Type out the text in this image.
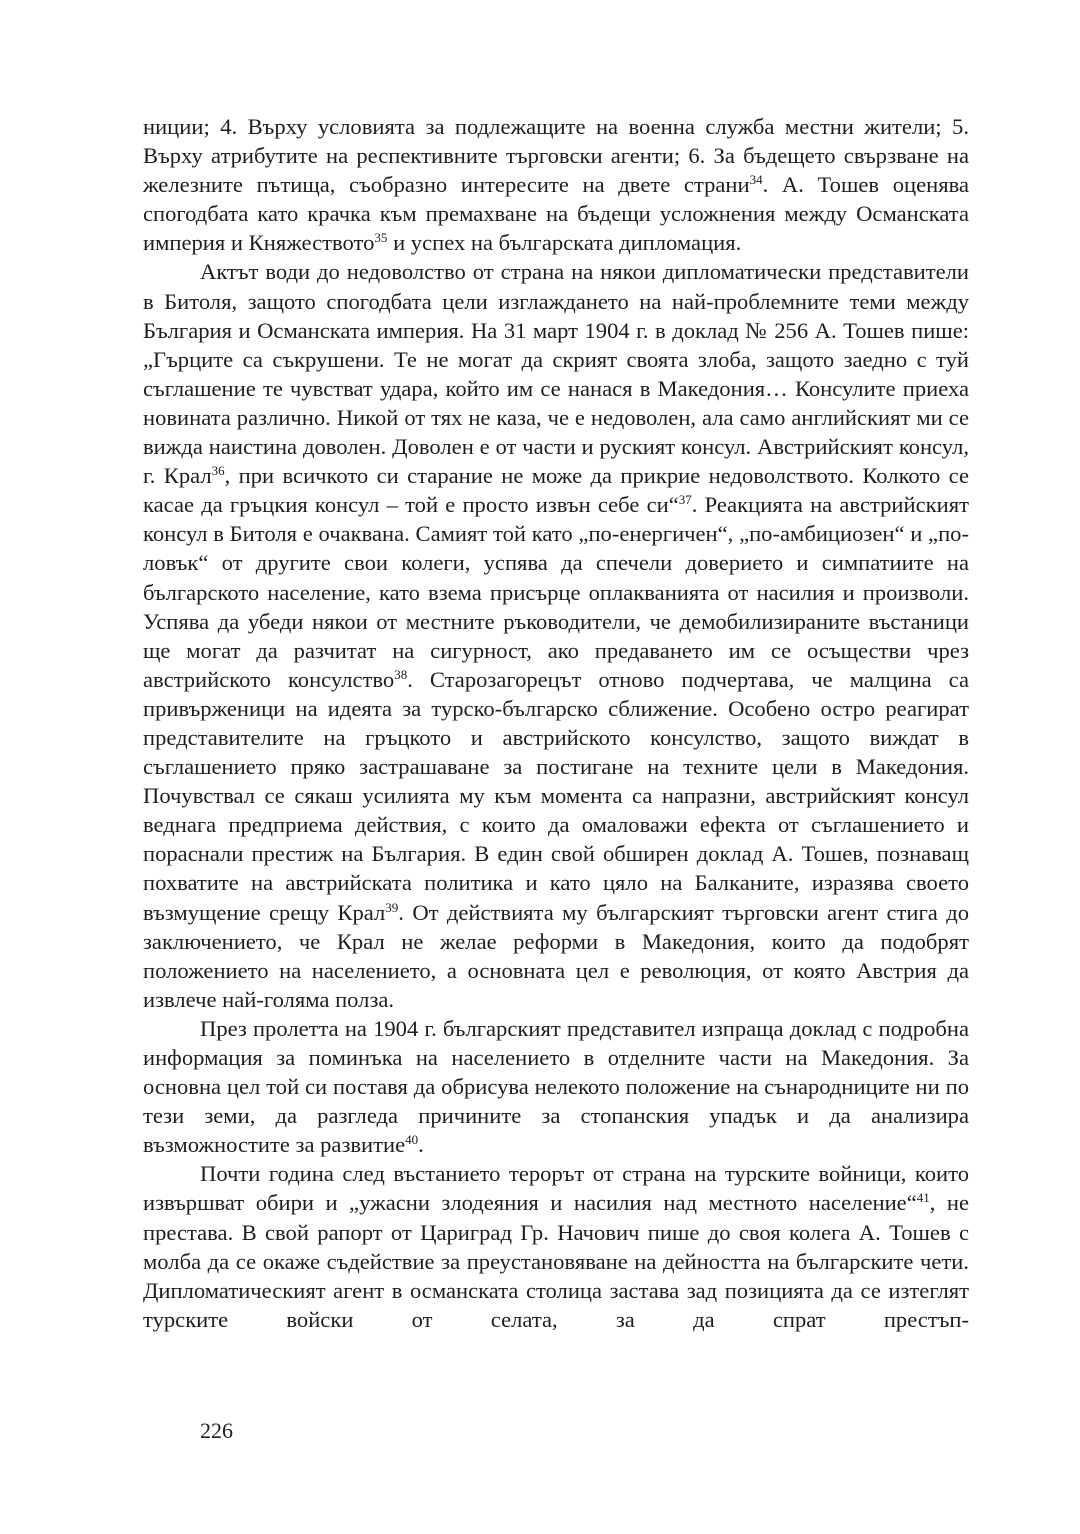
ниции; 4. Върху условията за подлежащите на военна служба местни жители; 5. Върху атрибутите на респективните търговски агенти; 6. За бъдещето свързване на железните пътища, съобразно интересите на двете страни$^{34}$. А. Тошев оценява спогодбата като крачка към премахване на бъдещи усложнения между Османската империя и Княжеството$^{35}$ и успех на българската дипломация.

Актът води до недоволство от страна на някои дипломатически представители в Битоля, защото спогодбата цели изглаждането на най-проблемните теми между България и Османската империя. На 31 март 1904 г. в доклад № 256 А. Тошев пише: „Гърците са съкрушени. Те не могат да скрият своята злоба, защото заедно с туй съглашение те чувстват удара, който им се нанася в Македония… Консулите приеха новината различно. Никой от тях не каза, че е недоволен, ала само английският ми се вижда наистина доволен. Доволен е от части и руският консул. Австрийският консул, г. Крал$^{36}$, при всичкото си старание не може да прикрие недоволството. Колкото се касае да гръцкия консул – той е просто извън себе си“$^{37}$. Реакцията на австрийският консул в Битоля е очаквана. Самият той като „по-енергичен“, „по-амбициозен“ и „по-ловък“ от другите свои колеги, успява да спечели доверието и симпатиите на българското население, като взема присърце оплакванията от насилия и произволи. Успява да убеди някои от местните ръководители, че демобилизираните въстаници ще могат да разчитат на сигурност, ако предаването им се осъществи чрез австрийското консулство$^{38}$. Старозагорецът отново подчертава, че малцина са привърженици на идеята за турско-българско сближение. Особено остро реагират представителите на гръцкото и австрийското консулство, защото виждат в съглашението пряко застрашаване за постигане на техните цели в Македония. Почувствал се сякаш усилията му към момента са напразни, австрийският консул веднага предприема действия, с които да омаловажи ефекта от съглашението и пораснали престиж на България. В един свой обширен доклад А. Тошев, познаващ похватите на австрийската политика и като цяло на Балканите, изразява своето възмущение срещу Крал$^{39}$. От действията му българският търговски агент стига до заключението, че Крал не желае реформи в Македония, които да подобрят положението на населението, а основната цел е революция, от която Австрия да извлече най-голяма полза.

През пролетта на 1904 г. българският представител изпраща доклад с подробна информация за поминъка на населението в отделните части на Македония. За основна цел той си поставя да обрисува нелекото положение на сънародниците ни по тези земи, да разгледа причините за стопанския упадък и да анализира възможностите за развитие$^{40}$.

Почти година след въстанието терорът от страна на турските войници, които извършват обири и „ужасни злодеяния и насилия над местното население“$^{41}$, не престава. В свой рапорт от Цариград Гр. Начович пише до своя колега А. Тошев с молба да се окаже съдействие за преустановяване на дейността на българските чети. Дипломатическият агент в османската столица застава зад позицията да се изтеглят турските войски от селата, за да спрат престъп-

226
